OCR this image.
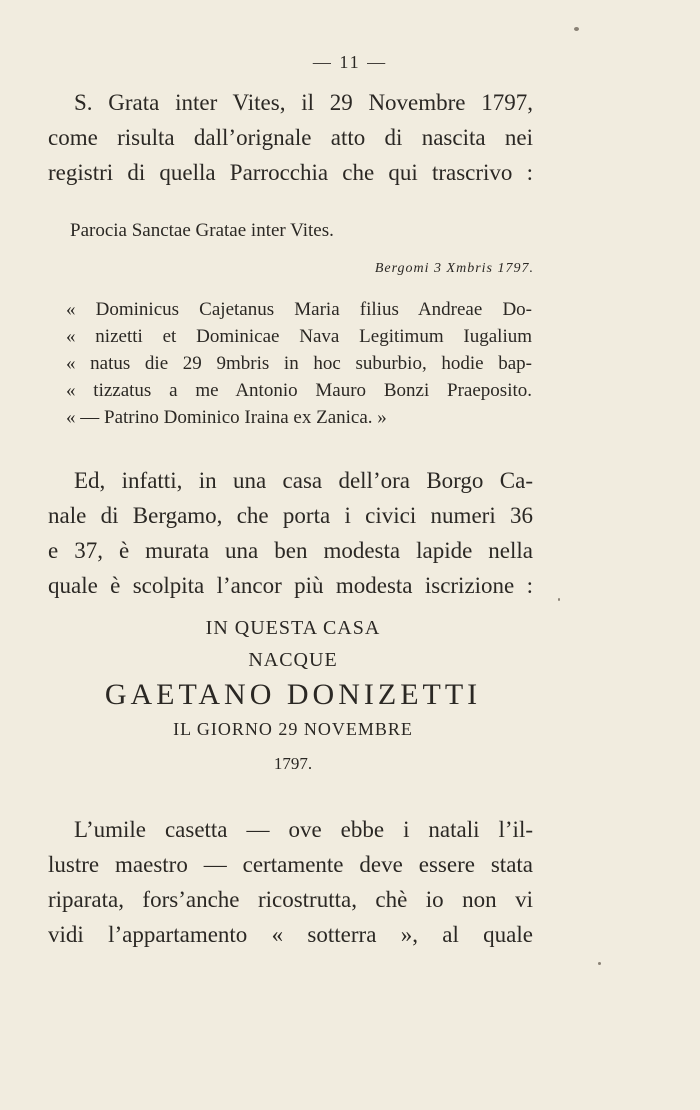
— 11 —
S. Grata inter Vites, il 29 Novembre 1797,
come risulta dall’orignale atto di nascita nei
registri di quella Parrocchia che qui trascrivo :
Parocia Sanctae Gratae inter Vites.
Bergomi 3 Xmbris 1797.
« Dominicus Cajetanus Maria filius Andreae Do-
« nizetti et Dominicae Nava Legitimum Iugalium
« natus die 29 9mbris in hoc suburbio, hodie bap-
« tizzatus a me Antonio Mauro Bonzi Praeposito.
« — Patrino Dominico Iraina ex Zanica. »
Ed, infatti, in una casa dell’ora Borgo Ca-
nale di Bergamo, che porta i civici numeri 36
e 37, è murata una ben modesta lapide nella
quale è scolpita l’ancor più modesta iscrizione :
IN QUESTA CASA
NACQUE
GAETANO DONIZETTI
IL GIORNO 29 NOVEMBRE
1797.
L’umile casetta — ove ebbe i natali l’il-
lustre maestro — certamente deve essere stata
riparata, fors’anche ricostrutta, chè io non vi
vidi l’appartamento « sotterra », al quale
